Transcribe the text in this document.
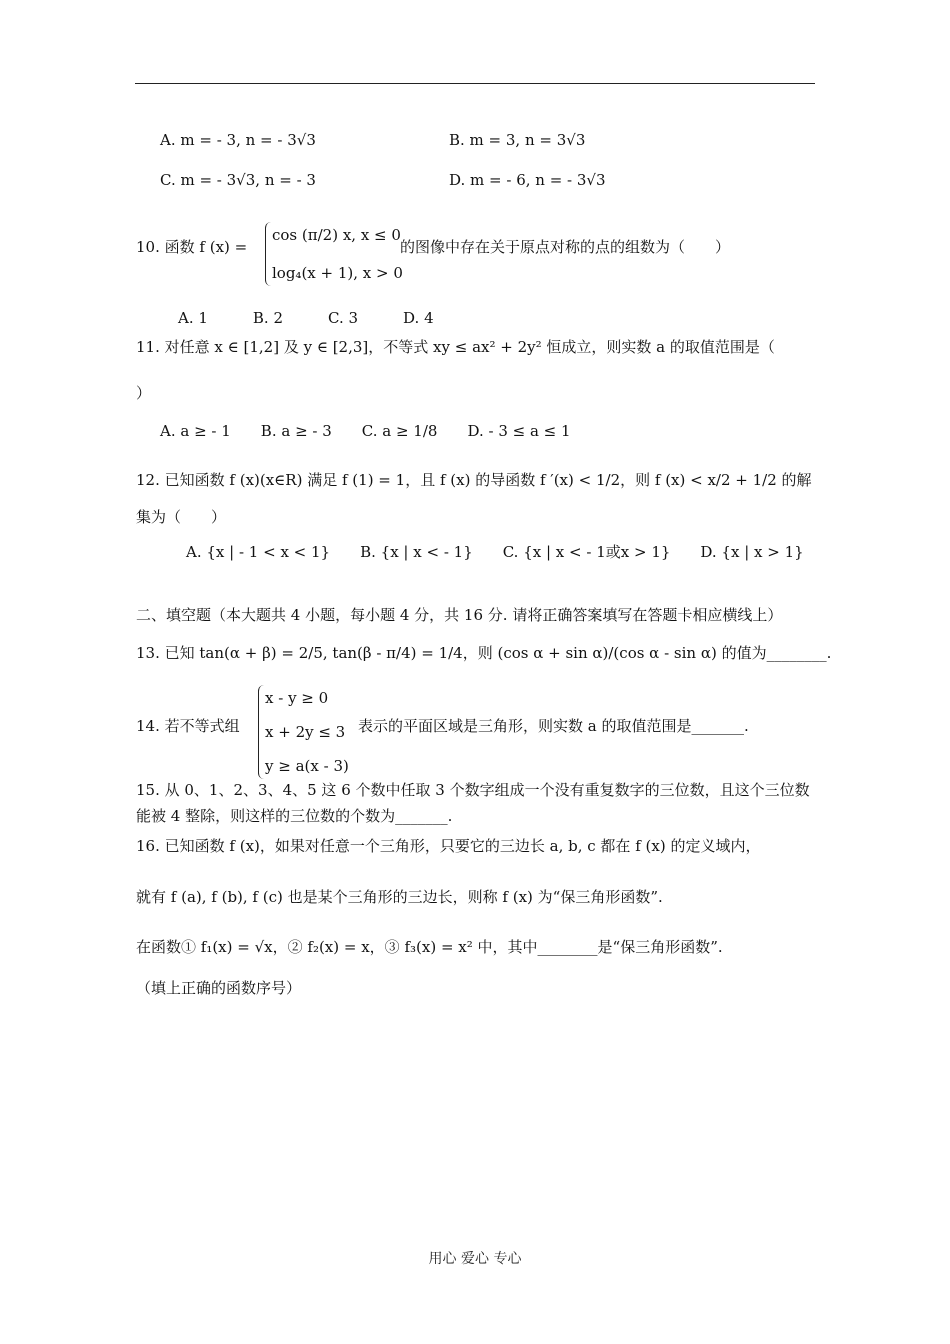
A. m = - 3, n = - 3√3	B. m = 3, n = 3√3
C. m = - 3√3, n = - 3	D. m = - 6, n = - 3√3
10. 函数 f (x) =
cos (π/2) x, x ≤ 0
log₄(x + 1), x > 0
的图像中存在关于原点对称的点的组数为（　　）
A. 1　　　B. 2　　　C. 3　　　D. 4
11. 对任意 x ∈ [1,2] 及 y ∈ [2,3]，不等式 xy ≤ ax² + 2y² 恒成立，则实数 a 的取值范围是（
）
A. a ≥ - 1　　B. a ≥ - 3　　C. a ≥ 1/8　　D. - 3 ≤ a ≤ 1
12. 已知函数 f (x)(x∈R) 满足 f (1) = 1，且 f (x) 的导函数 f ′(x) < 1/2，则 f (x) < x/2 + 1/2 的解
集为（　　）
A. {x | - 1 < x < 1}　　B. {x | x < - 1}　　C. {x | x < - 1或x > 1}　　D. {x | x > 1}
二、填空题（本大题共 4 小题，每小题 4 分，共 16 分. 请将正确答案填写在答题卡相应横线上）
13. 已知 tan(α + β) = 2/5, tan(β - π/4) = 1/4，则 (cos α + sin α)/(cos α - sin α) 的值为________.
14. 若不等式组
x - y ≥ 0
x + 2y ≤ 3
y ≥ a(x - 3)
表示的平面区域是三角形，则实数 a 的取值范围是_______.
15. 从 0、1、2、3、4、5 这 6 个数中任取 3 个数字组成一个没有重复数字的三位数，且这个三位数
能被 4 整除，则这样的三位数的个数为_______.
16. 已知函数 f (x)，如果对任意一个三角形，只要它的三边长 a, b, c 都在 f (x) 的定义域内，
就有 f (a), f (b), f (c) 也是某个三角形的三边长，则称 f (x) 为“保三角形函数”.
在函数① f₁(x) = √x，② f₂(x) = x，③ f₃(x) = x² 中，其中________是“保三角形函数”.
（填上正确的函数序号）
用心 爱心 专心
